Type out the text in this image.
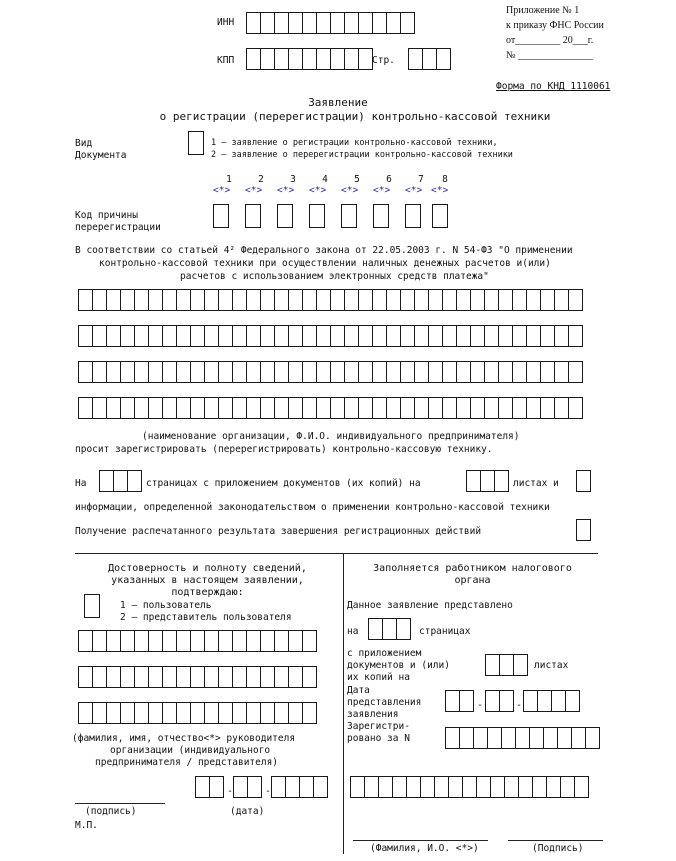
ИНН
КПП	Стр.
Приложение № 1
к приказу ФНС России
от_________ 20___г.
№ _______________
Форма по КНД 1110061
Заявление
о регистрации (перерегистрации) контрольно-кассовой техники
Вид
Документа
1 – заявление о регистрации контрольно-кассовой техники,
2 – заявление о перерегистрации контрольно-кассовой техники
Код причины
перерегистрации
1	2	3	4	5	6	7	8
<*> <*> <*> <*> <*> <*> <*> <*>
В соответствии со статьей 4² Федерального закона от 22.05.2003 г. N 54-ФЗ "О применении
контрольно-кассовой техники при осуществлении наличных денежных расчетов и(или)
расчетов с использованием электронных средств платежа"
(наименование организации, Ф.И.О. индивидуального предпринимателя)
просит зарегистрировать (перерегистрировать) контрольно-кассовую технику.
На	страницах с приложением документов (их копий) на	листах и
информации, определенной законодательством о применении контрольно-кассовой техники
Получение распечатанного результата завершения регистрационных действий
Достоверность и полноту сведений,
указанных в настоящем заявлении,
подтверждаю:
1 – пользователь
2 – представитель пользователя
(фамилия, имя, отчество<*> руководителя
организации (индивидуального
предпринимателя / представителя)
(подпись)
М.П.
-	-
(дата)
Заполняется работником налогового
органа
Данное заявление представлено
на	страницах
с приложением
документов и (или)
их копий на
листах
Дата
представления
заявления
-	-
Зарегистри-
ровано за N
(Фамилия, И.О. <*>)	(Подпись)
